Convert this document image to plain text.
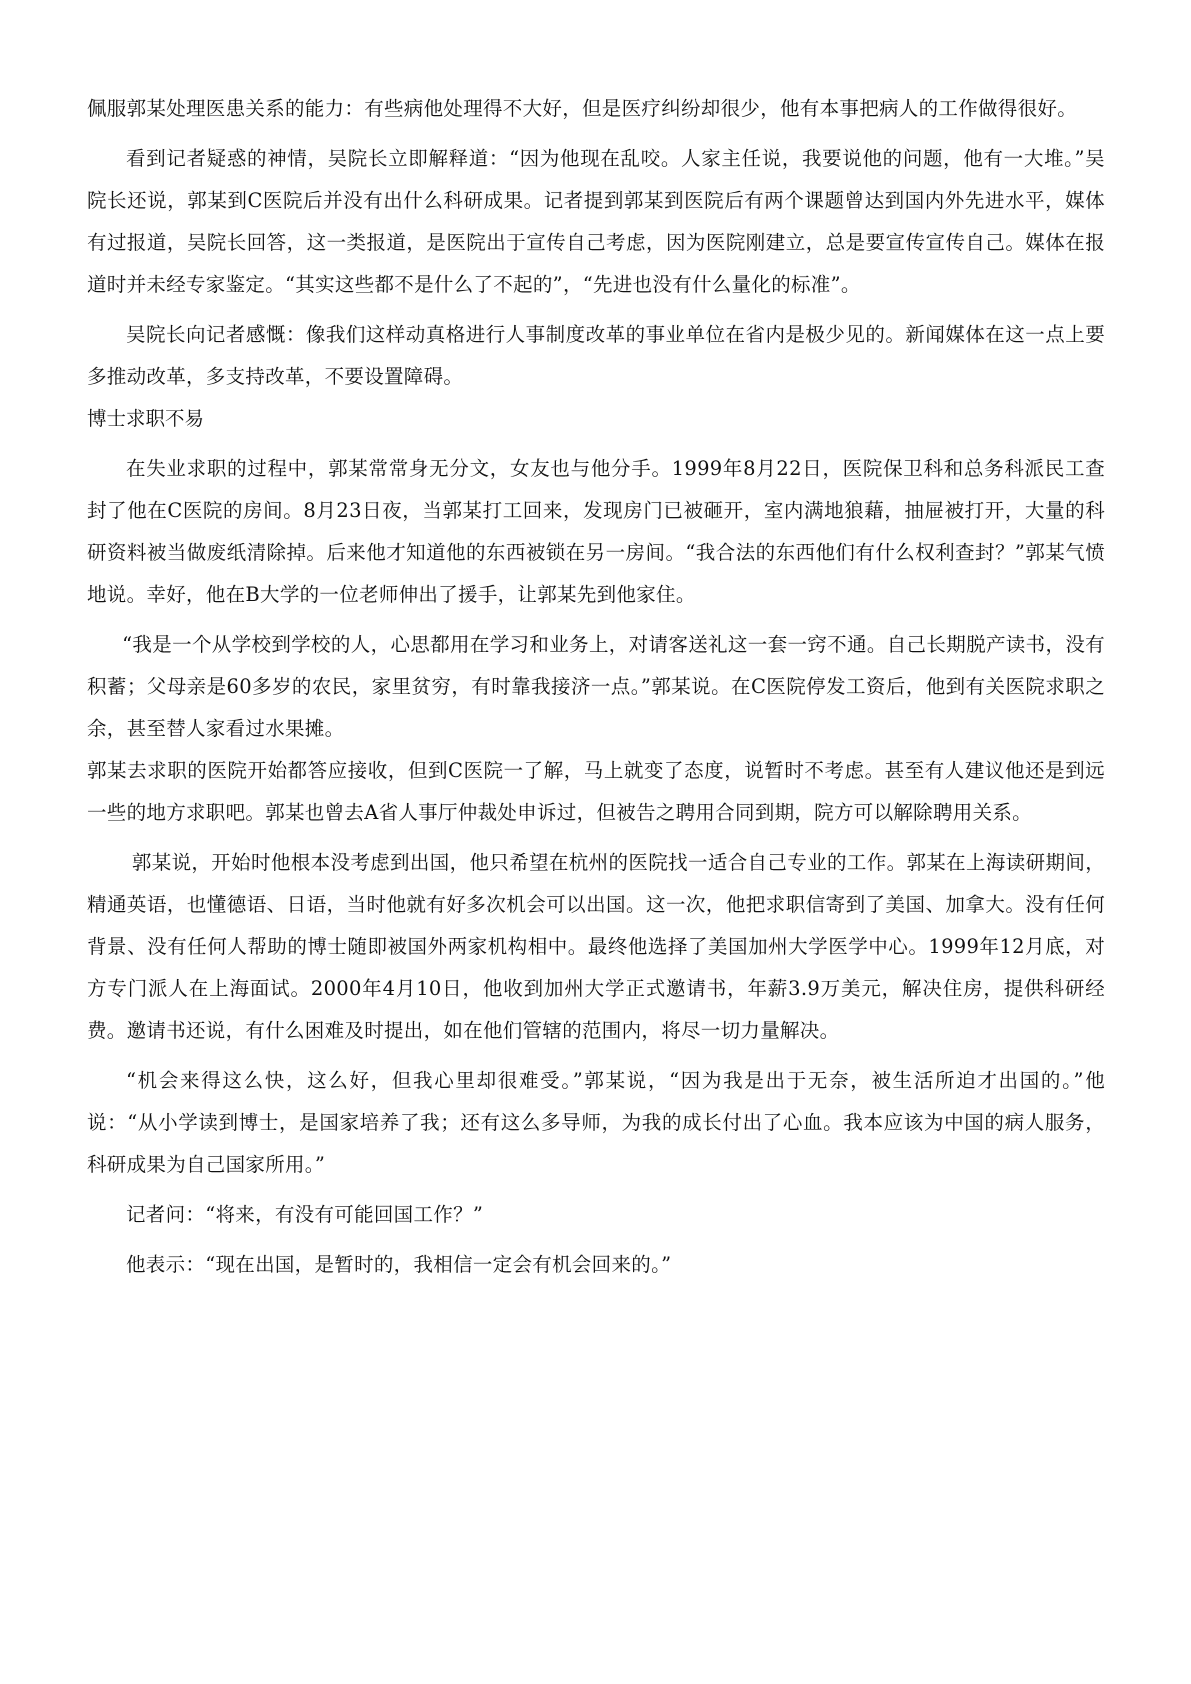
佩服郭某处理医患关系的能力：有些病他处理得不大好，但是医疗纠纷却很少，他有本事把病人的工作做得很好。

看到记者疑惑的神情，吴院长立即解释道：“因为他现在乱咬。人家主任说，我要说他的问题，他有一大堆。”吴院长还说，郭某到C医院后并没有出什么科研成果。记者提到郭某到医院后有两个课题曾达到国内外先进水平，媒体有过报道，吴院长回答，这一类报道，是医院出于宣传自己考虑，因为医院刚建立，总是要宣传宣传自己。媒体在报道时并未经专家鉴定。“其实这些都不是什么了不起的”，“先进也没有什么量化的标准”。

吴院长向记者感慨：像我们这样动真格进行人事制度改革的事业单位在省内是极少见的。新闻媒体在这一点上要多推动改革，多支持改革，不要设置障碍。

博士求职不易

在失业求职的过程中，郭某常常身无分文，女友也与他分手。1999年8月22日，医院保卫科和总务科派民工查封了他在C医院的房间。8月23日夜，当郭某打工回来，发现房门已被砸开，室内满地狼藉，抽屉被打开，大量的科研资料被当做废纸清除掉。后来他才知道他的东西被锁在另一房间。“我合法的东西他们有什么权利查封？”郭某气愤地说。幸好，他在B大学的一位老师伸出了援手，让郭某先到他家住。

“我是一个从学校到学校的人，心思都用在学习和业务上，对请客送礼这一套一窍不通。自己长期脱产读书，没有积蓄；父母亲是60多岁的农民，家里贫穷，有时靠我接济一点。”郭某说。在C医院停发工资后，他到有关医院求职之余，甚至替人家看过水果摊。

郭某去求职的医院开始都答应接收，但到C医院一了解，马上就变了态度，说暂时不考虑。甚至有人建议他还是到远一些的地方求职吧。郭某也曾去A省人事厅仲裁处申诉过，但被告之聘用合同到期，院方可以解除聘用关系。

郭某说，开始时他根本没考虑到出国，他只希望在杭州的医院找一适合自己专业的工作。郭某在上海读研期间，精通英语，也懂德语、日语，当时他就有好多次机会可以出国。这一次，他把求职信寄到了美国、加拿大。没有任何背景、没有任何人帮助的博士随即被国外两家机构相中。最终他选择了美国加州大学医学中心。1999年12月底，对方专门派人在上海面试。2000年4月10日，他收到加州大学正式邀请书，年薪3.9万美元，解决住房，提供科研经费。邀请书还说，有什么困难及时提出，如在他们管辖的范围内，将尽一切力量解决。

“机会来得这么快，这么好，但我心里却很难受。”郭某说，“因为我是出于无奈，被生活所迫才出国的。”他说：“从小学读到博士，是国家培养了我；还有这么多导师，为我的成长付出了心血。我本应该为中国的病人服务，科研成果为自己国家所用。”

记者问：“将来，有没有可能回国工作？”

他表示：“现在出国，是暂时的，我相信一定会有机会回来的。”
